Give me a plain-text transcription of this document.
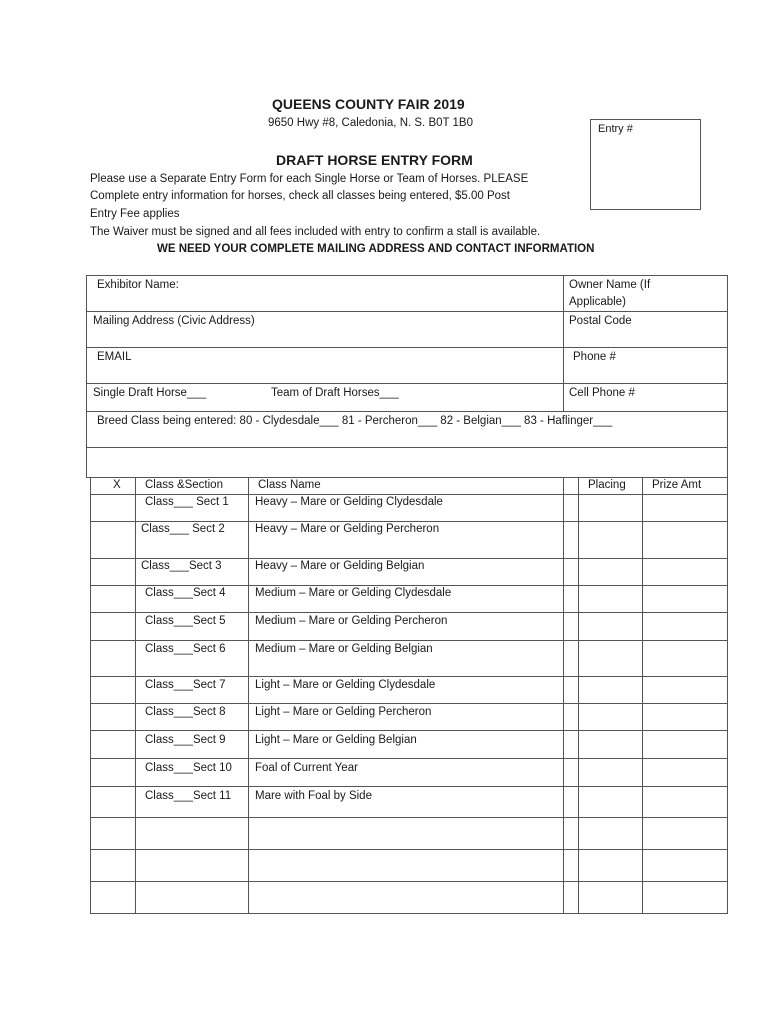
QUEENS COUNTY FAIR 2019
9650 Hwy #8, Caledonia, N. S. B0T 1B0	Entry #
DRAFT HORSE ENTRY FORM
Please use a Separate Entry Form for each Single Horse or Team of Horses. PLEASE
Complete entry information for horses, check all classes being entered, $5.00 Post
Entry Fee applies
The Waiver must be signed and all fees included with entry to confirm a stall is available.
WE NEED YOUR COMPLETE MAILING ADDRESS AND CONTACT INFORMATION
Exhibitor Name:	Owner Name (If
Applicable)
Mailing Address (Civic Address)	Postal Code
EMAIL	Phone #
Single Draft Horse___	Team of Draft Horses___	Cell Phone #
Breed Class being entered: 80 - Clydesdale___ 81 - Percheron___ 82 - Belgian___ 83 - Haflinger___
X Class &Section	Class Name	Placing Prize Amt
Class___ Sect 1 Heavy – Mare or Gelding Clydesdale
Class___ Sect 2	Heavy – Mare or Gelding Percheron
Class___Sect 3	Heavy – Mare or Gelding Belgian
Class___Sect 4	Medium – Mare or Gelding Clydesdale
Class___Sect 5	Medium – Mare or Gelding Percheron
Class___Sect 6	Medium – Mare or Gelding Belgian
Class___Sect 7	Light – Mare or Gelding Clydesdale
Class___Sect 8	Light – Mare or Gelding Percheron
Class___Sect 9	Light – Mare or Gelding Belgian
Class___Sect 10 Foal of Current Year
Class___Sect 11 Mare with Foal by Side
